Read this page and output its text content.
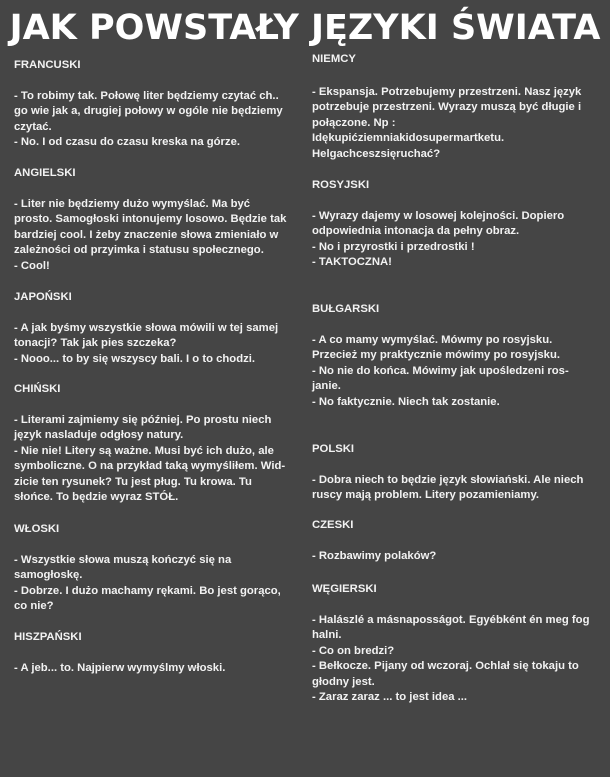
JAK POWSTAŁY JĘZYKI ŚWIATA

FRANCUSKI

- To robimy tak. Połowę liter będziemy czytać ch..

go wie jak a, drugiej połowy w ogóle nie będziemy

czytać.

- No. I od czasu do czasu kreska na górze.

ANGIELSKI

- Liter nie będziemy dużo wymyślać. Ma być

prosto. Samogłoski intonujemy losowo. Będzie tak

bardziej cool. I żeby znaczenie słowa zmieniało w

zależności od przyimka i statusu społecznego.

- Cool!

JAPOŃSKI

- A jak byśmy wszystkie słowa mówili w tej samej

tonacji? Tak jak pies szczeka?

- Nooo... to by się wszyscy bali. I o to chodzi.

CHIŃSKI

- Literami zajmiemy się później. Po prostu niech

język nasladuje odgłosy natury.

- Nie nie! Litery są ważne. Musi być ich dużo, ale

symboliczne. O na przykład taką wymyśliłem. Wid-

zicie ten rysunek? Tu jest pług. Tu krowa. Tu

słońce. To będzie wyraz STÓŁ.

WŁOSKI

- Wszystkie słowa muszą kończyć się na

samogłoskę.

- Dobrze. I dużo machamy rękami. Bo jest gorąco,

co nie?

HISZPAŃSKI

- A jeb... to. Najpierw wymyślmy włoski.

NIEMCY

- Ekspansja. Potrzebujemy przestrzeni. Nasz język

potrzebuje przestrzeni. Wyrazy muszą być długie i

połączone. Np :

Idękupićziemniakidosupermartketu.

Helgachceszsięruchać?

ROSYJSKI

- Wyrazy dajemy w losowej kolejności. Dopiero

odpowiednia intonacja da pełny obraz.

- No i przyrostki i przedrostki !

- TAKTOCZNA!

BUŁGARSKI

- A co mamy wymyślać. Mówmy po rosyjsku.

Przecież my praktycznie mówimy po rosyjsku.

- No nie do końca. Mówimy jak upośledzeni ros-

janie.

- No faktycznie. Niech tak zostanie.

POLSKI

- Dobra niech to będzie język słowiański. Ale niech

ruscy mają problem. Litery pozamieniamy.

CZESKI

- Rozbawimy polaków?

WĘGIERSKI

- Halászlé a másnaposságot. Egyébként én meg fog

halni.

- Co on bredzi?

- Bełkocze. Pijany od wczoraj. Ochlał się tokaju to

głodny jest.

- Zaraz zaraz ... to jest idea ...
